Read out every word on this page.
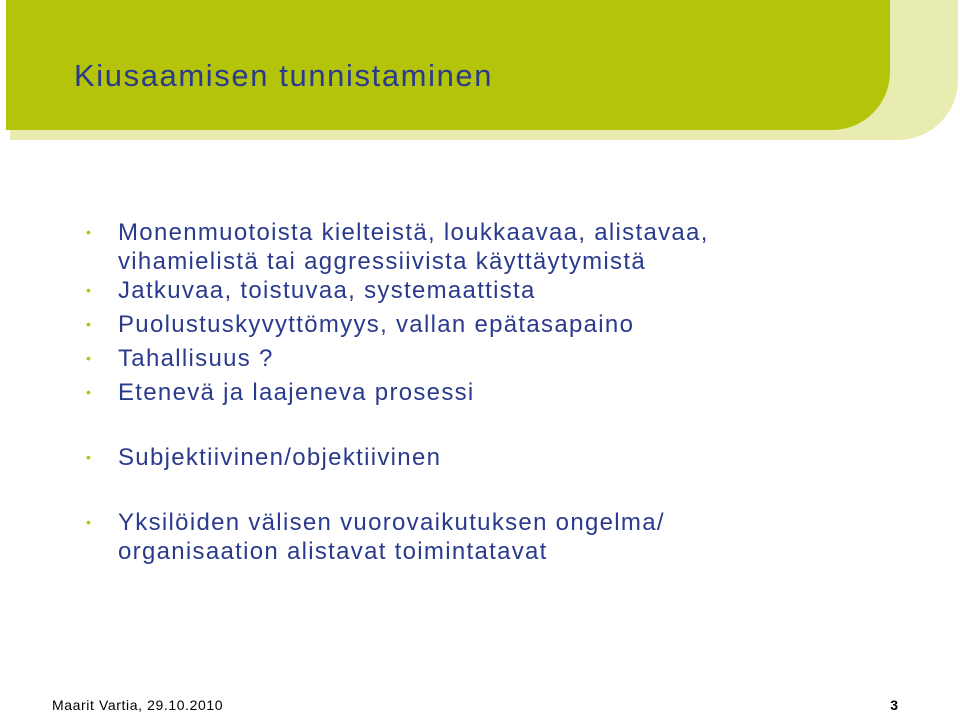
Kiusaamisen tunnistaminen
• Monenmuotoista kielteistä, loukkaavaa, alistavaa,
vihamielistä tai aggressiivista käyttäytymistä
• Jatkuvaa, toistuvaa, systemaattista
• Puolustuskyvyttömyys, vallan epätasapaino
• Tahallisuus ?
• Etenevä ja laajeneva prosessi
• Subjektiivinen/objektiivinen
• Yksilöiden välisen vuorovaikutuksen ongelma/
organisaation alistavat toimintatavat
Maarit Vartia, 29.10.2010	3
